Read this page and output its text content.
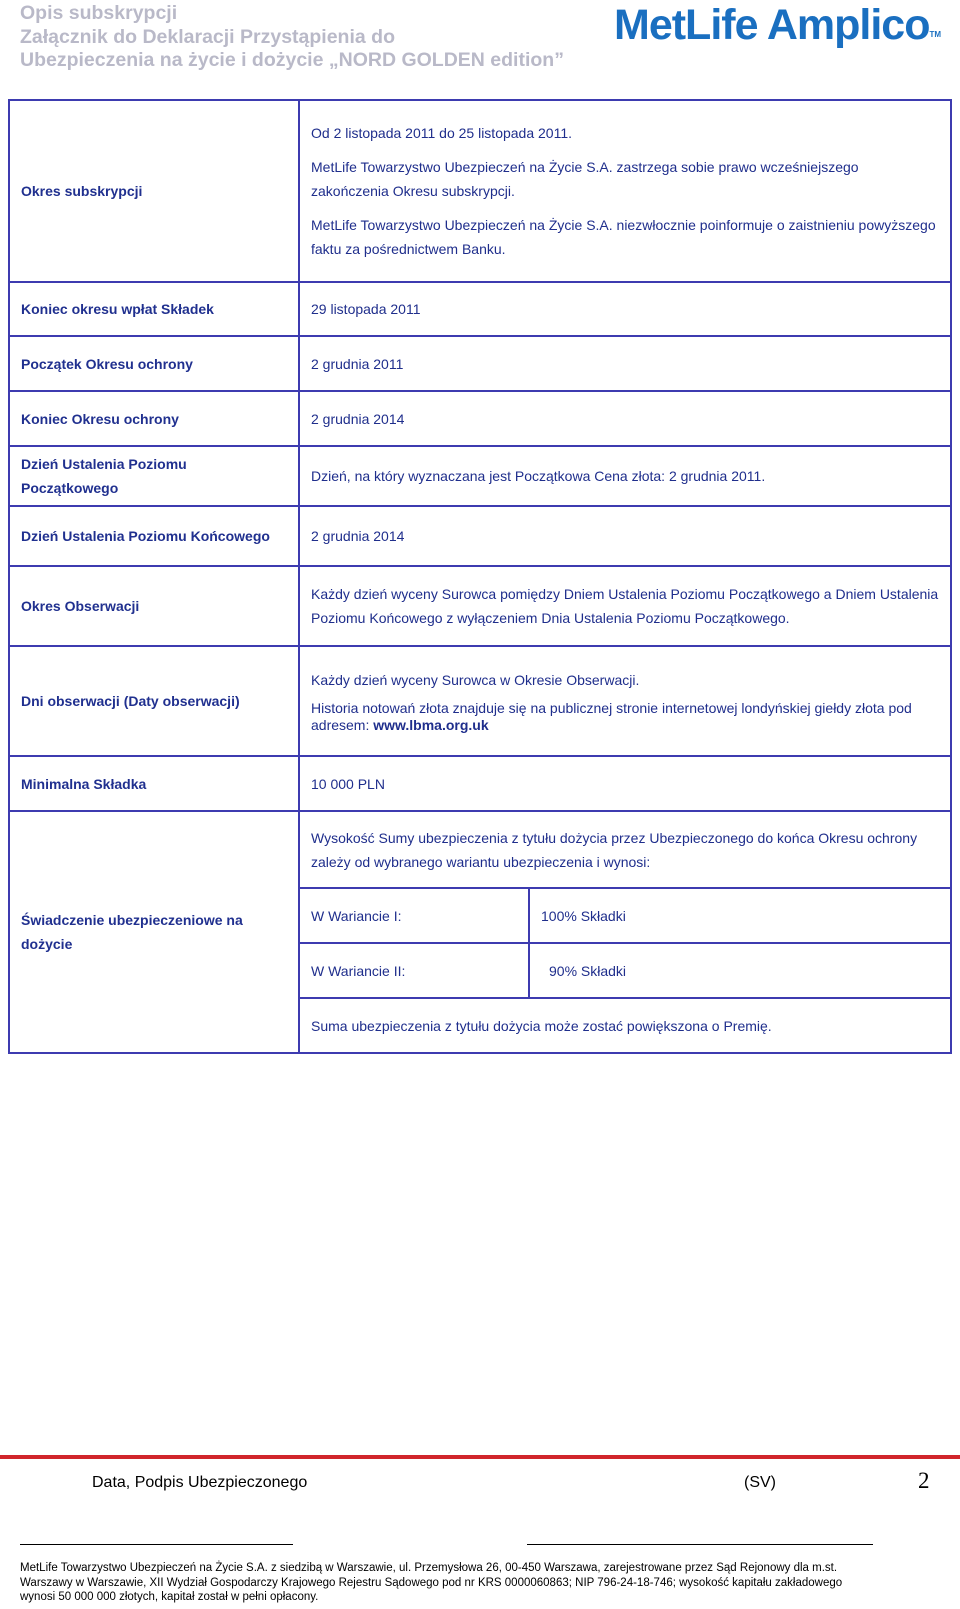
Opis subskrypcji
Załącznik do Deklaracji Przystąpienia do
Ubezpieczenia na życie i dożycie „NORD GOLDEN edition”
MetLife Amplico™
Okres subskrypcji	Od 2 listopada 2011 do 25 listopada 2011.

MetLife Towarzystwo Ubezpieczeń na Życie S.A. zastrzega sobie prawo wcześniejszego zakończenia Okresu subskrypcji.

MetLife Towarzystwo Ubezpieczeń na Życie S.A. niezwłocznie poinformuje o zaistnieniu powyższego faktu za pośrednictwem Banku.	

Koniec okresu wpłat Składek	29 listopada 2011	
Początek Okresu ochrony	2 grudnia 2011	
Koniec Okresu ochrony	2 grudnia 2014	
Dzień Ustalenia Poziomu Początkowego	Dzień, na który wyznaczana jest Początkowa Cena złota: 2 grudnia 2011.	
Dzień Ustalenia Poziomu Końcowego	2 grudnia 2014	
Okres Obserwacji	Każdy dzień wyceny Surowca pomiędzy Dniem Ustalenia Poziomu Początkowego a Dniem Ustalenia Poziomu Końcowego z wyłączeniem Dnia Ustalenia Poziomu Początkowego.	
Dni obserwacji (Daty obserwacji)	Każdy dzień wyceny Surowca w Okresie Obserwacji.

Historia notowań złota znajduje się na publicznej stronie internetowej londyńskiej giełdy złota pod adresem: www.lbma.org.uk	

Minimalna Składka	10 000 PLN	
Świadczenie ubezpieczeniowe na dożycie	Wysokość Sumy ubezpieczenia z tytułu dożycia przez Ubezpieczonego do końca Okresu ochrony zależy od wybranego wariantu ubezpieczenia i wynosi:	
	W Wariancie I:	100% Składki
	W Wariancie II:	90% Składki
	Suma ubezpieczenia z tytułu dożycia może zostać powiększona o Premię.	
Data, Podpis Ubezpieczonego	(SV)	2
MetLife Towarzystwo Ubezpieczeń na Życie S.A. z siedzibą w Warszawie, ul. Przemysłowa 26, 00-450 Warszawa, zarejestrowane przez Sąd Rejonowy dla m.st.
Warszawy w Warszawie, XII Wydział Gospodarczy Krajowego Rejestru Sądowego pod nr KRS 0000060863; NIP 796-24-18-746; wysokość kapitału zakładowego
wynosi 50 000 000 złotych, kapitał został w pełni opłacony.
